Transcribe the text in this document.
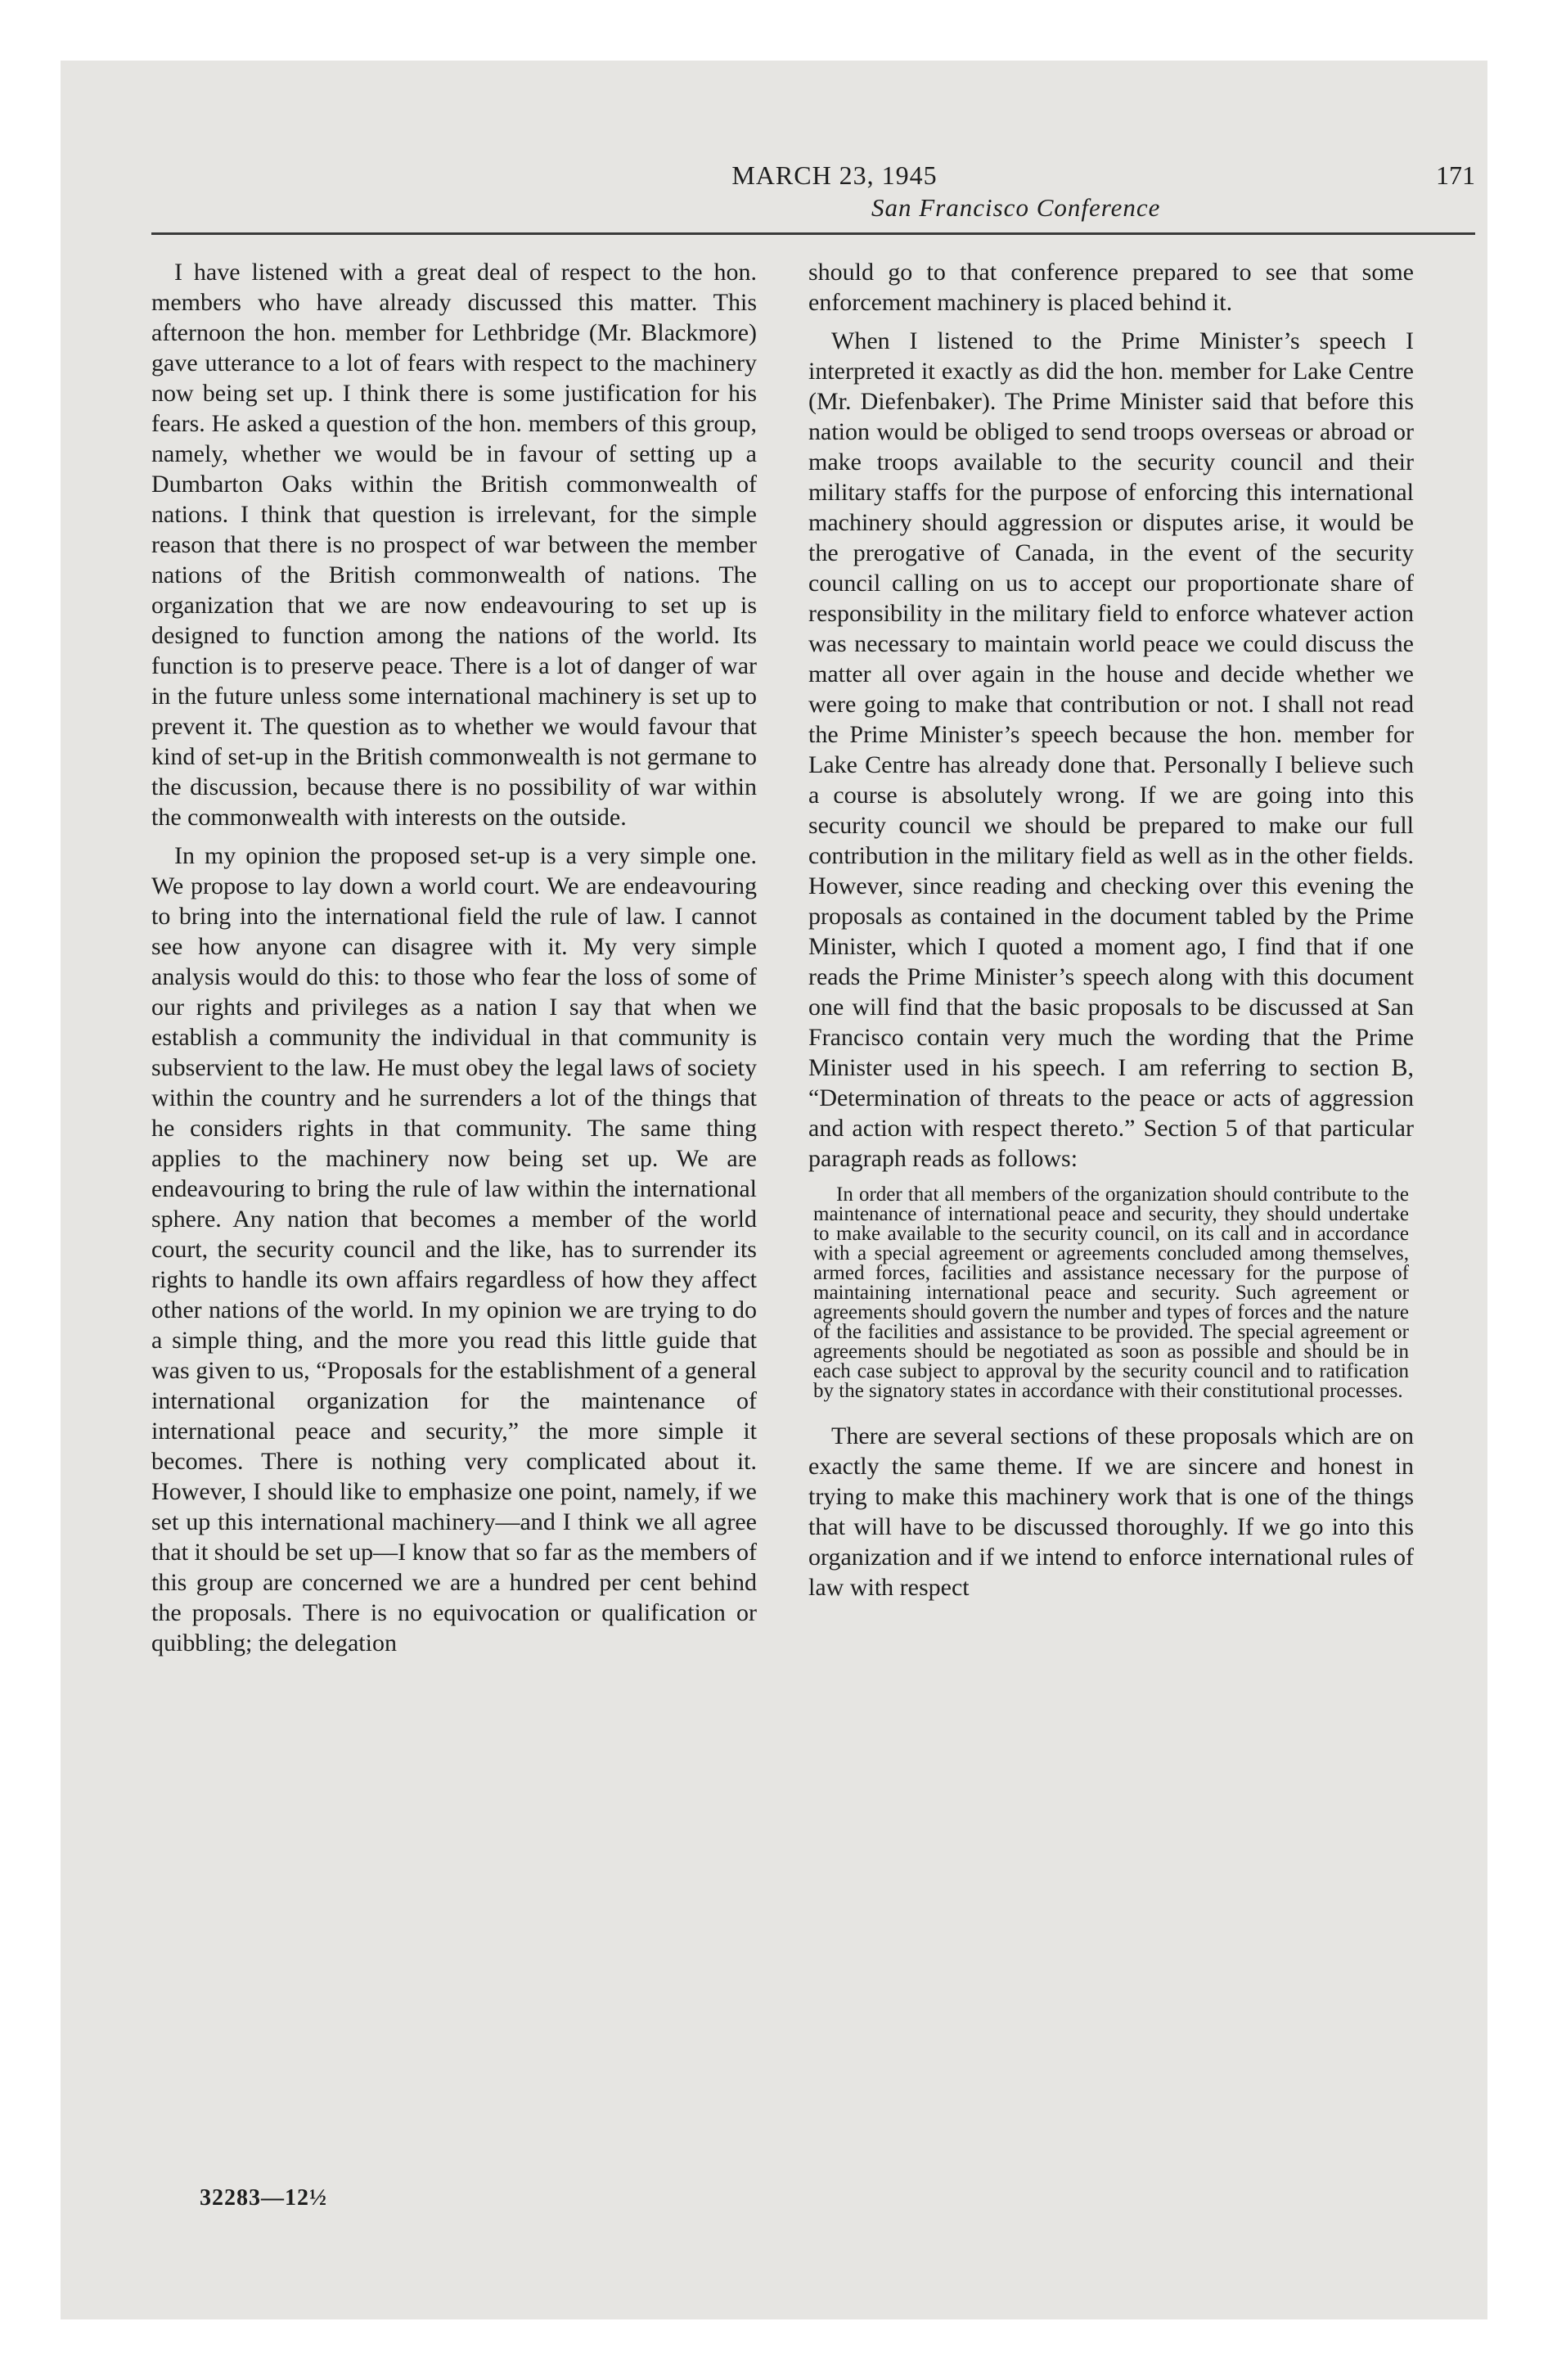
MARCH 23, 1945	171
San Francisco Conference

I have listened with a great deal of respect to the hon. members who have already discussed this matter. This afternoon the hon. member for Lethbridge (Mr. Blackmore) gave utterance to a lot of fears with respect to the machinery now being set up. I think there is some justification for his fears. He asked a question of the hon. members of this group, namely, whether we would be in favour of setting up a Dumbarton Oaks within the British commonwealth of nations. I think that question is irrelevant, for the simple reason that there is no prospect of war between the member nations of the British commonwealth of nations. The organization that we are now endeavouring to set up is designed to function among the nations of the world. Its function is to preserve peace. There is a lot of danger of war in the future unless some international machinery is set up to prevent it. The question as to whether we would favour that kind of set-up in the British commonwealth is not germane to the discussion, because there is no possibility of war within the commonwealth with interests on the outside.

In my opinion the proposed set-up is a very simple one. We propose to lay down a world court. We are endeavouring to bring into the international field the rule of law. I cannot see how anyone can disagree with it. My very simple analysis would do this: to those who fear the loss of some of our rights and privileges as a nation I say that when we establish a community the individual in that community is subservient to the law. He must obey the legal laws of society within the country and he surrenders a lot of the things that he considers rights in that community. The same thing applies to the machinery now being set up. We are endeavouring to bring the rule of law within the international sphere. Any nation that becomes a member of the world court, the security council and the like, has to surrender its rights to handle its own affairs regardless of how they affect other nations of the world. In my opinion we are trying to do a simple thing, and the more you read this little guide that was given to us, “Proposals for the establishment of a general international organization for the maintenance of international peace and security,” the more simple it becomes. There is nothing very complicated about it. However, I should like to emphasize one point, namely, if we set up this international machinery—and I think we all agree that it should be set up—I know that so far as the members of this group are concerned we are a hundred per cent behind the proposals. There is no equivocation or qualification or quibbling; the delegation

should go to that conference prepared to see that some enforcement machinery is placed behind it.

When I listened to the Prime Minister’s speech I interpreted it exactly as did the hon. member for Lake Centre (Mr. Diefenbaker). The Prime Minister said that before this nation would be obliged to send troops overseas or abroad or make troops available to the security council and their military staffs for the purpose of enforcing this international machinery should aggression or disputes arise, it would be the prerogative of Canada, in the event of the security council calling on us to accept our proportionate share of responsibility in the military field to enforce whatever action was necessary to maintain world peace we could discuss the matter all over again in the house and decide whether we were going to make that contribution or not. I shall not read the Prime Minister’s speech because the hon. member for Lake Centre has already done that. Personally I believe such a course is absolutely wrong. If we are going into this security council we should be prepared to make our full contribution in the military field as well as in the other fields. However, since reading and checking over this evening the proposals as contained in the document tabled by the Prime Minister, which I quoted a moment ago, I find that if one reads the Prime Minister’s speech along with this document one will find that the basic proposals to be discussed at San Francisco contain very much the wording that the Prime Minister used in his speech. I am referring to section B, “Determination of threats to the peace or acts of aggression and action with respect thereto.” Section 5 of that particular paragraph reads as follows:

In order that all members of the organization should contribute to the maintenance of international peace and security, they should undertake to make available to the security council, on its call and in accordance with a special agreement or agreements concluded among themselves, armed forces, facilities and assistance necessary for the purpose of maintaining international peace and security. Such agreement or agreements should govern the number and types of forces and the nature of the facilities and assistance to be provided. The special agreement or agreements should be negotiated as soon as possible and should be in each case subject to approval by the security council and to ratification by the signatory states in accordance with their constitutional processes.

There are several sections of these proposals which are on exactly the same theme. If we are sincere and honest in trying to make this machinery work that is one of the things that will have to be discussed thoroughly. If we go into this organization and if we intend to enforce international rules of law with respect

32283—12½
